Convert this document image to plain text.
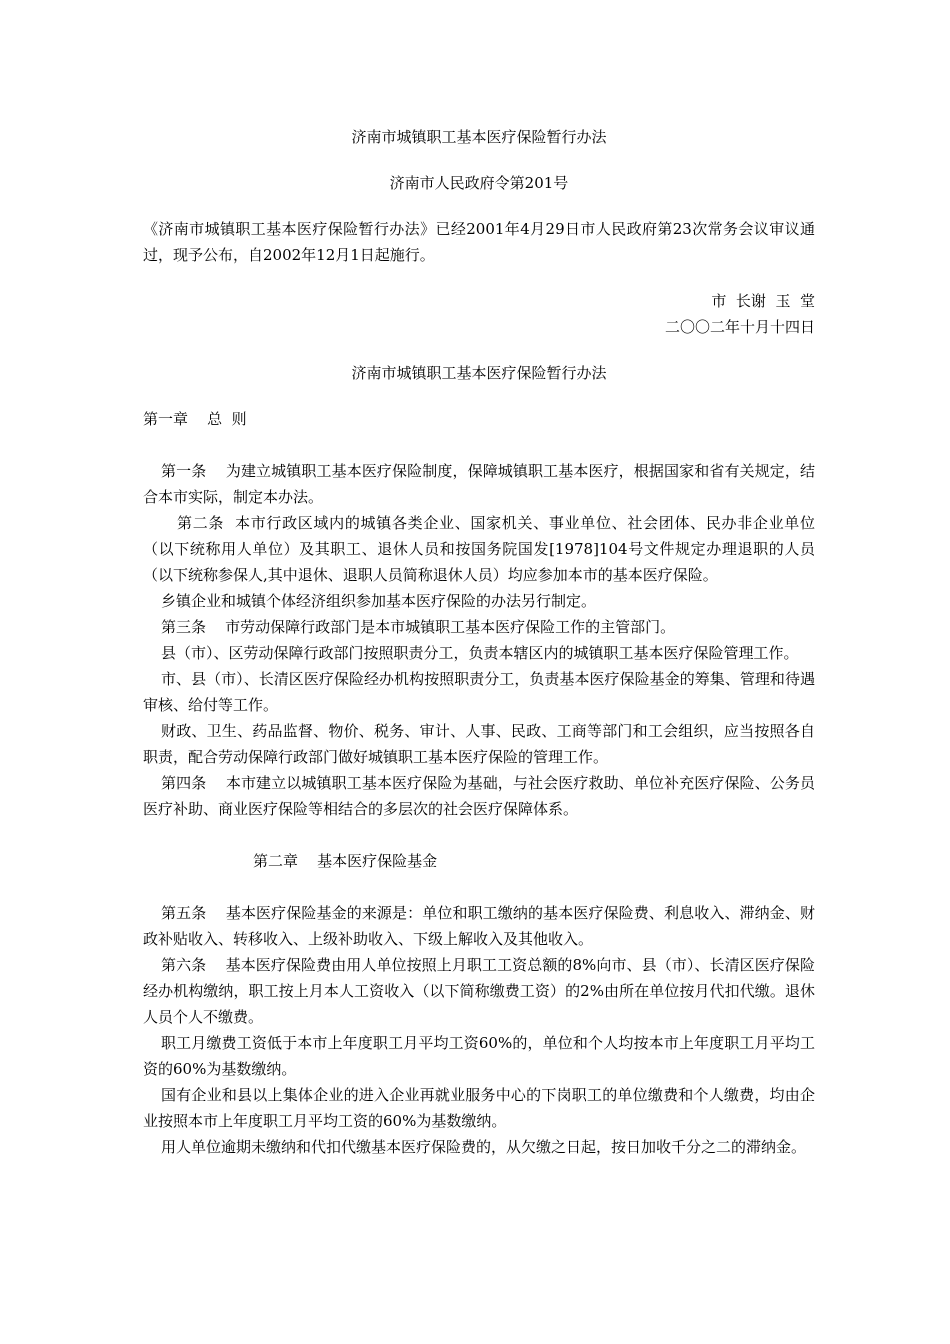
济南市城镇职工基本医疗保险暂行办法

济南市人民政府令第201号

《济南市城镇职工基本医疗保险暂行办法》已经2001年4月29日市人民政府第23次常务会议审议通过，现予公布，自2002年12月1日起施行。

市  长谢  玉  堂

二〇〇二年十月十四日

济南市城镇职工基本医疗保险暂行办法

第一章    总  则

第一条    为建立城镇职工基本医疗保险制度，保障城镇职工基本医疗，根据国家和省有关规定，结合本市实际，制定本办法。

第二条  本市行政区域内的城镇各类企业、国家机关、事业单位、社会团体、民办非企业单位（以下统称用人单位）及其职工、退休人员和按国务院国发[1978]104号文件规定办理退职的人员（以下统称参保人,其中退休、退职人员简称退休人员）均应参加本市的基本医疗保险。

乡镇企业和城镇个体经济组织参加基本医疗保险的办法另行制定。

第三条    市劳动保障行政部门是本市城镇职工基本医疗保险工作的主管部门。

县（市）、区劳动保障行政部门按照职责分工，负责本辖区内的城镇职工基本医疗保险管理工作。

市、县（市）、长清区医疗保险经办机构按照职责分工，负责基本医疗保险基金的筹集、管理和待遇审核、给付等工作。

财政、卫生、药品监督、物价、税务、审计、人事、民政、工商等部门和工会组织，应当按照各自职责，配合劳动保障行政部门做好城镇职工基本医疗保险的管理工作。

第四条    本市建立以城镇职工基本医疗保险为基础，与社会医疗救助、单位补充医疗保险、公务员医疗补助、商业医疗保险等相结合的多层次的社会医疗保障体系。

第二章    基本医疗保险基金

第五条    基本医疗保险基金的来源是：单位和职工缴纳的基本医疗保险费、利息收入、滞纳金、财政补贴收入、转移收入、上级补助收入、下级上解收入及其他收入。

第六条    基本医疗保险费由用人单位按照上月职工工资总额的8%向市、县（市）、长清区医疗保险经办机构缴纳，职工按上月本人工资收入（以下简称缴费工资）的2%由所在单位按月代扣代缴。退休人员个人不缴费。

职工月缴费工资低于本市上年度职工月平均工资60%的，单位和个人均按本市上年度职工月平均工资的60%为基数缴纳。

国有企业和县以上集体企业的进入企业再就业服务中心的下岗职工的单位缴费和个人缴费，均由企业按照本市上年度职工月平均工资的60%为基数缴纳。

用人单位逾期未缴纳和代扣代缴基本医疗保险费的，从欠缴之日起，按日加收千分之二的滞纳金。
